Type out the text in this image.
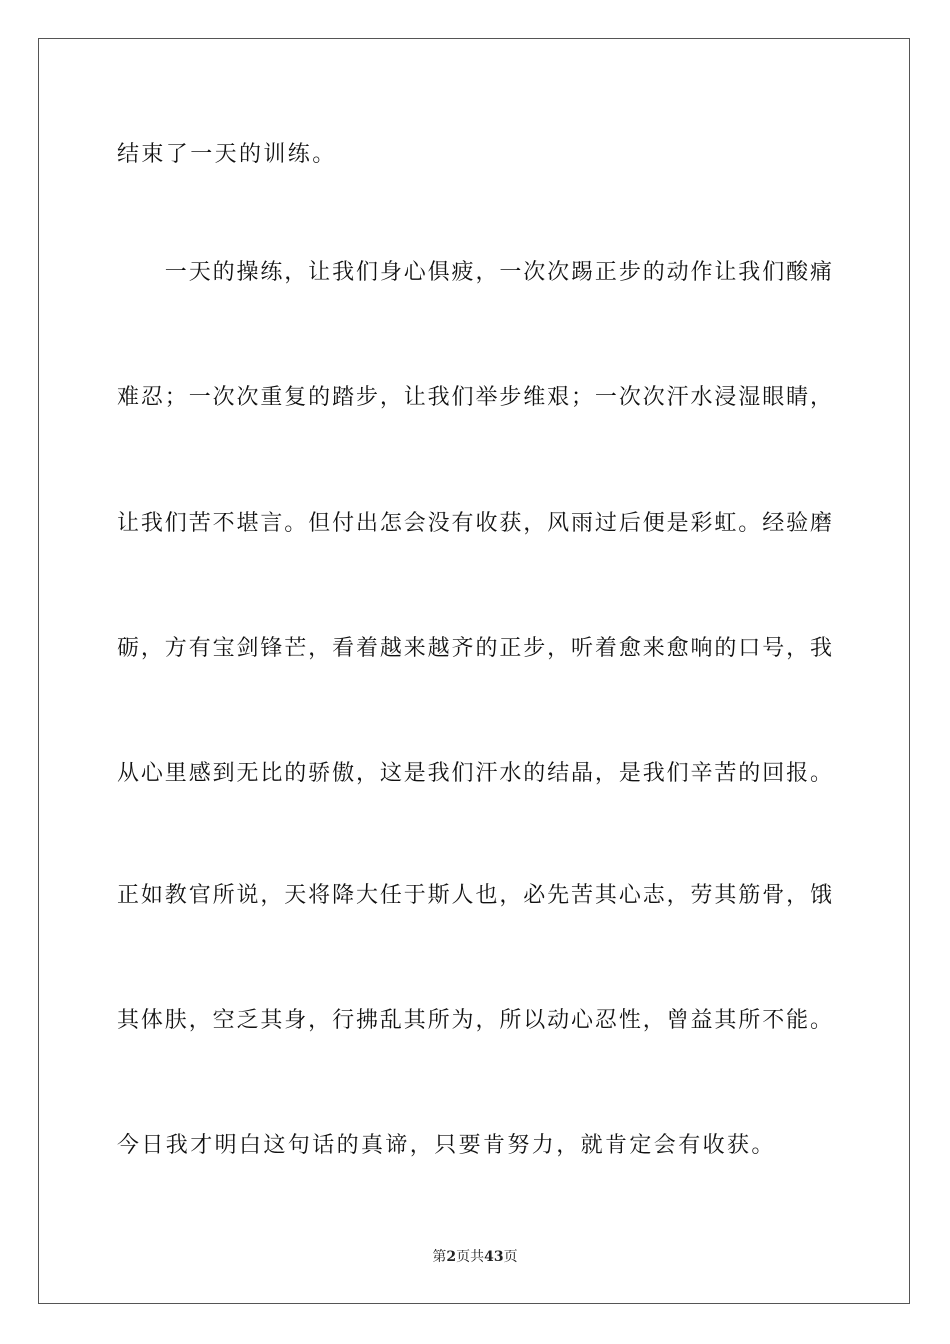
结束了一天的训练。
　　一天的操练，让我们身心俱疲，一次次踢正步的动作让我们酸痛
难忍；一次次重复的踏步，让我们举步维艰；一次次汗水浸湿眼睛，
让我们苦不堪言。但付出怎会没有收获，风雨过后便是彩虹。经验磨
砺，方有宝剑锋芒，看着越来越齐的正步，听着愈来愈响的口号，我
从心里感到无比的骄傲，这是我们汗水的结晶，是我们辛苦的回报。
正如教官所说，天将降大任于斯人也，必先苦其心志，劳其筋骨，饿
其体肤，空乏其身，行拂乱其所为，所以动心忍性，曾益其所不能。
今日我才明白这句话的真谛，只要肯努力，就肯定会有收获。
第2页共43页
